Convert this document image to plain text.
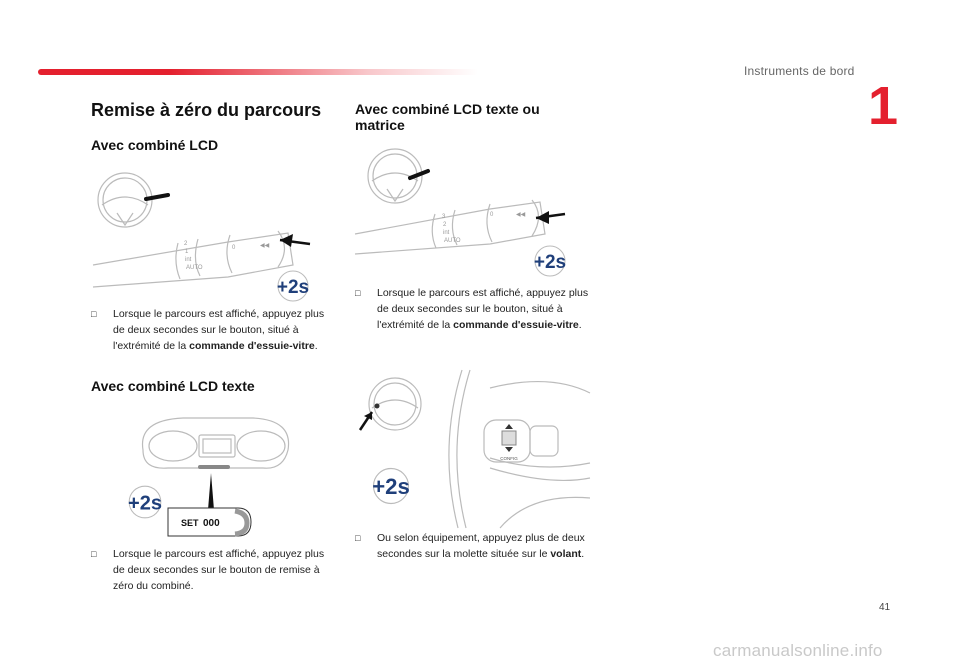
Instruments de bord
1
Remise à zéro du parcours
Avec combiné LCD
2
1
int
AUTO
0	◀◀
+2s
□ Lorsque le parcours est affiché, appuyez plus de deux secondes sur le bouton, situé à l'extrémité de la commande d'essuie-vitre.
Avec combiné LCD texte
SET 000
+2s
□ Lorsque le parcours est affiché, appuyez plus de deux secondes sur le bouton de remise à zéro du combiné.
Avec combiné LCD texte ou matrice
3
2
int
AUTO
0	◀◀
+2s
□ Lorsque le parcours est affiché, appuyez plus de deux secondes sur le bouton, situé à l'extrémité de la commande d'essuie-vitre.
CONFIG
+2s
□ Ou selon équipement, appuyez plus de deux secondes sur la molette située sur le volant.
41
carmanualsonline.info
